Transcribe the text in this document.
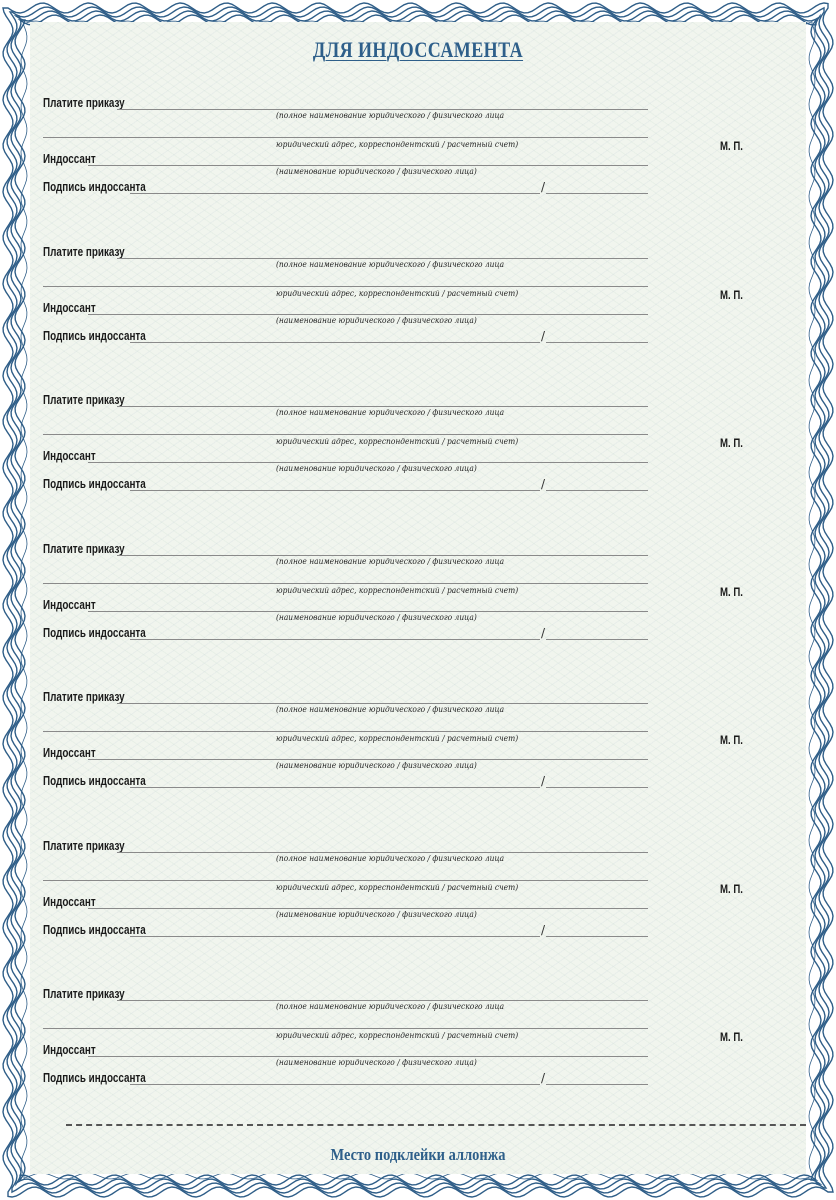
ДЛЯ ИНДОССАМЕНТА
Платите приказу
(полное наименование юридического / физического лица
юридический адрес, корреспондентский / расчетный счет)	М. П.
Индоссант
(наименование юридического / физического лица)
Подпись индоссанта	/
Платите приказу
(полное наименование юридического / физического лица
юридический адрес, корреспондентский / расчетный счет)	М. П.
Индоссант
(наименование юридического / физического лица)
Подпись индоссанта	/
Платите приказу
(полное наименование юридического / физического лица
юридический адрес, корреспондентский / расчетный счет)	М. П.
Индоссант
(наименование юридического / физического лица)
Подпись индоссанта	/
Платите приказу
(полное наименование юридического / физического лица
юридический адрес, корреспондентский / расчетный счет)	М. П.
Индоссант
(наименование юридического / физического лица)
Подпись индоссанта	/
Платите приказу
(полное наименование юридического / физического лица
юридический адрес, корреспондентский / расчетный счет)	М. П.
Индоссант
(наименование юридического / физического лица)
Подпись индоссанта	/
Платите приказу
(полное наименование юридического / физического лица
юридический адрес, корреспондентский / расчетный счет)	М. П.
Индоссант
(наименование юридического / физического лица)
Подпись индоссанта	/
Платите приказу
(полное наименование юридического / физического лица
юридический адрес, корреспондентский / расчетный счет)	М. П.
Индоссант
(наименование юридического / физического лица)
Подпись индоссанта	/
Место подклейки аллонжа
